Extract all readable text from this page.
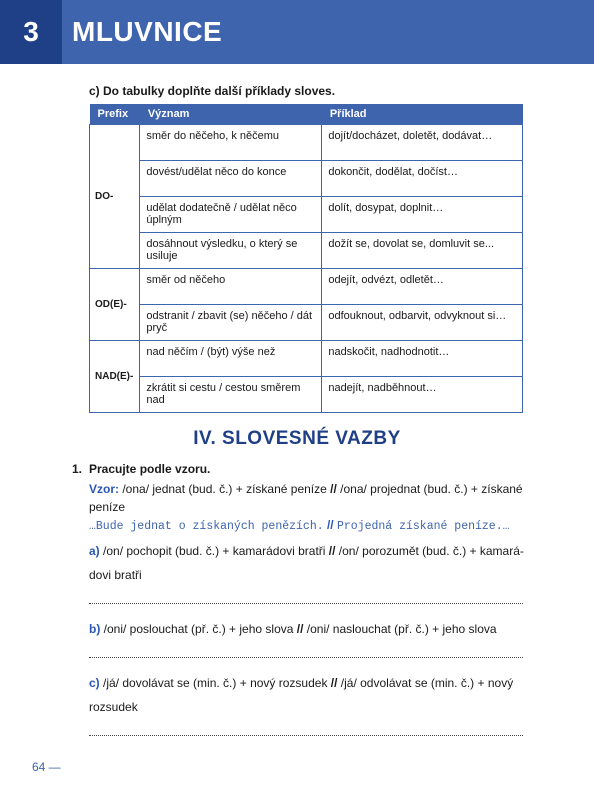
3	MLUVNICE
c) Do tabulky doplňte další příklady sloves.
Prefix	Význam	Příklad
DO-	směr do něčeho, k něčemu	dojít/docházet, doletět, dodávat…
	dovést/udělat něco do konce	dokončit, dodělat, dočíst…
	udělat dodatečně / udělat něco úplným	dolít, dosypat, doplnit…
	dosáhnout výsledku, o který se usiluje	dožít se, dovolat se, domluvit se...
OD(E)-	směr od něčeho	odejít, odvézt, odletět…
	odstranit / zbavit (se) něčeho / dát pryč	odfouknout, odbarvit, odvyknout si…
NAD(E)-	nad něčím / (být) výše než	nadskočit, nadhodnotit…
	zkrátit si cestu / cestou směrem nad	nadejít, nadběhnout…
IV. SLOVESNÉ VAZBY
1. Pracujte podle vzoru.
Vzor: /ona/ jednat (bud. č.) + získané peníze // /ona/ projednat (bud. č.) + získané
peníze
…Bude jednat o získaných penězích. // Projedná získané peníze.…
a) /on/ pochopit (bud. č.) + kamarádovi bratři // /on/ porozumět (bud. č.) + kamará-
dovi bratři
b) /oni/ poslouchat (př. č.) + jeho slova // /oni/ naslouchat (př. č.) + jeho slova
c) /já/ dovolávat se (min. č.) + nový rozsudek // /já/ odvolávat se (min. č.) + nový
rozsudek
64 —
